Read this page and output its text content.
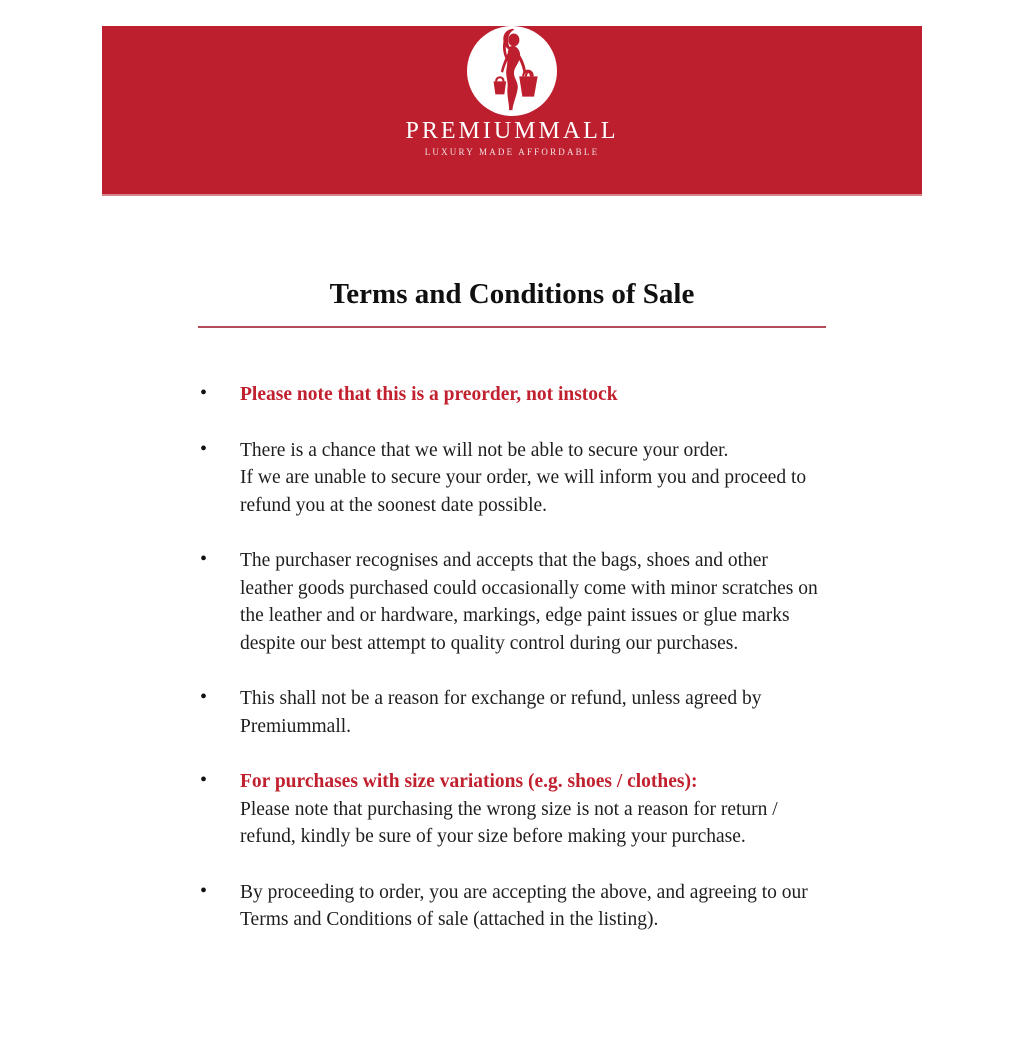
PREMIUMMALL
LUXURY MADE AFFORDABLE
Terms and Conditions of Sale
• Please note that this is a preorder, not instock
• There is a chance that we will not be able to secure your order.
If we are unable to secure your order, we will inform you and proceed to
refund you at the soonest date possible.
• The purchaser recognises and accepts that the bags, shoes and other
leather goods purchased could occasionally come with minor scratches on
the leather and or hardware, markings, edge paint issues or glue marks
despite our best attempt to quality control during our purchases.
• This shall not be a reason for exchange or refund, unless agreed by
Premiummall.
• For purchases with size variations (e.g. shoes / clothes):
Please note that purchasing the wrong size is not a reason for return /
refund, kindly be sure of your size before making your purchase.
• By proceeding to order, you are accepting the above, and agreeing to our
Terms and Conditions of sale (attached in the listing).
